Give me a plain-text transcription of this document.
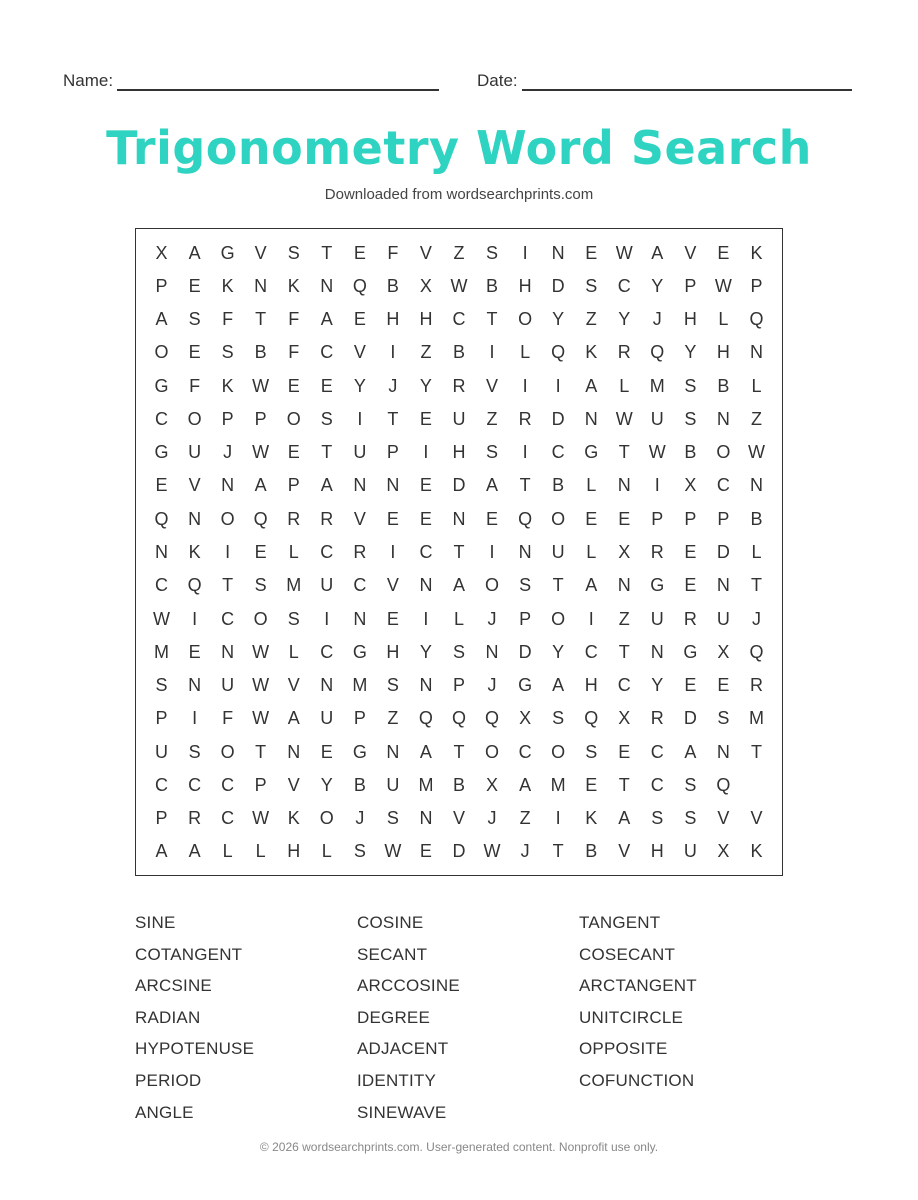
Name:	Date:
Trigonometry Word Search
Downloaded from wordsearchprints.com
X	A	G	V	S	T	E	F	V	Z	S	I	N	E	W	A	V	E	K
P	E	K	N	K	N	Q	B	X	W	B	H	D	S	C	Y	P	W	P
A	S	F	T	F	A	E	H	H	C	T	O	Y	Z	Y	J	H	L	Q
O	E	S	B	F	C	V	I	Z	B	I	L	Q	K	R	Q	Y	H	N
G	F	K	W	E	E	Y	J	Y	R	V	I	I	A	L	M	S	B	L
C	O	P	P	O	S	I	T	E	U	Z	R	D	N	W	U	S	N	Z
G	U	J	W	E	T	U	P	I	H	S	I	C	G	T	W	B	O W
E	V	N	A	P	A	N	N	E	D	A	T	B	L	N	I	X	C	N
Q	N	O	Q	R	R	V	E	E	N	E	Q	O	E	E	P	P	P	B
N	K	I	E	L	C	R	I	C	T	I	N	U	L	X	R	E	D	L
C	Q	T	S	M	U	C	V	N	A	O	S	T	A	N	G	E	N	T
W	I	C	O	S	I	N	E	I	L	J	P	O	I	Z	U	R	U	J
M	E	N	W	L	C	G	H	Y	S	N	D	Y	C	T	N	G	X	Q
S	N	U	W	V	N	M	S	N	P	J	G	A	H	C	Y	E	E	R
P	I	F	W	A	U	P	Z	Q	Q	Q	X	S	Q	X	R	D	S	M
U	S	O	T	N	E	G	N	A	T	O	C	O	S	E	C	A	N	T
C	C	C	P	V	Y	B	U	M	B	X	A	M	E	T	C	S	Q
P	R	C	W	K	O	J	S	N	V	J	Z	I	K	A	S	S	V	V
A	A	L	L	H	L	S	W	E	D	W	J	T	B	V	H	U	X	K
SINE	COSINE	TANGENT
COTANGENT	SECANT	COSECANT
ARCSINE	ARCCOSINE	ARCTANGENT
RADIAN	DEGREE	UNITCIRCLE
HYPOTENUSE	ADJACENT	OPPOSITE
PERIOD	IDENTITY	COFUNCTION
ANGLE	SINEWAVE
© 2026 wordsearchprints.com. User-generated content. Nonprofit use only.
